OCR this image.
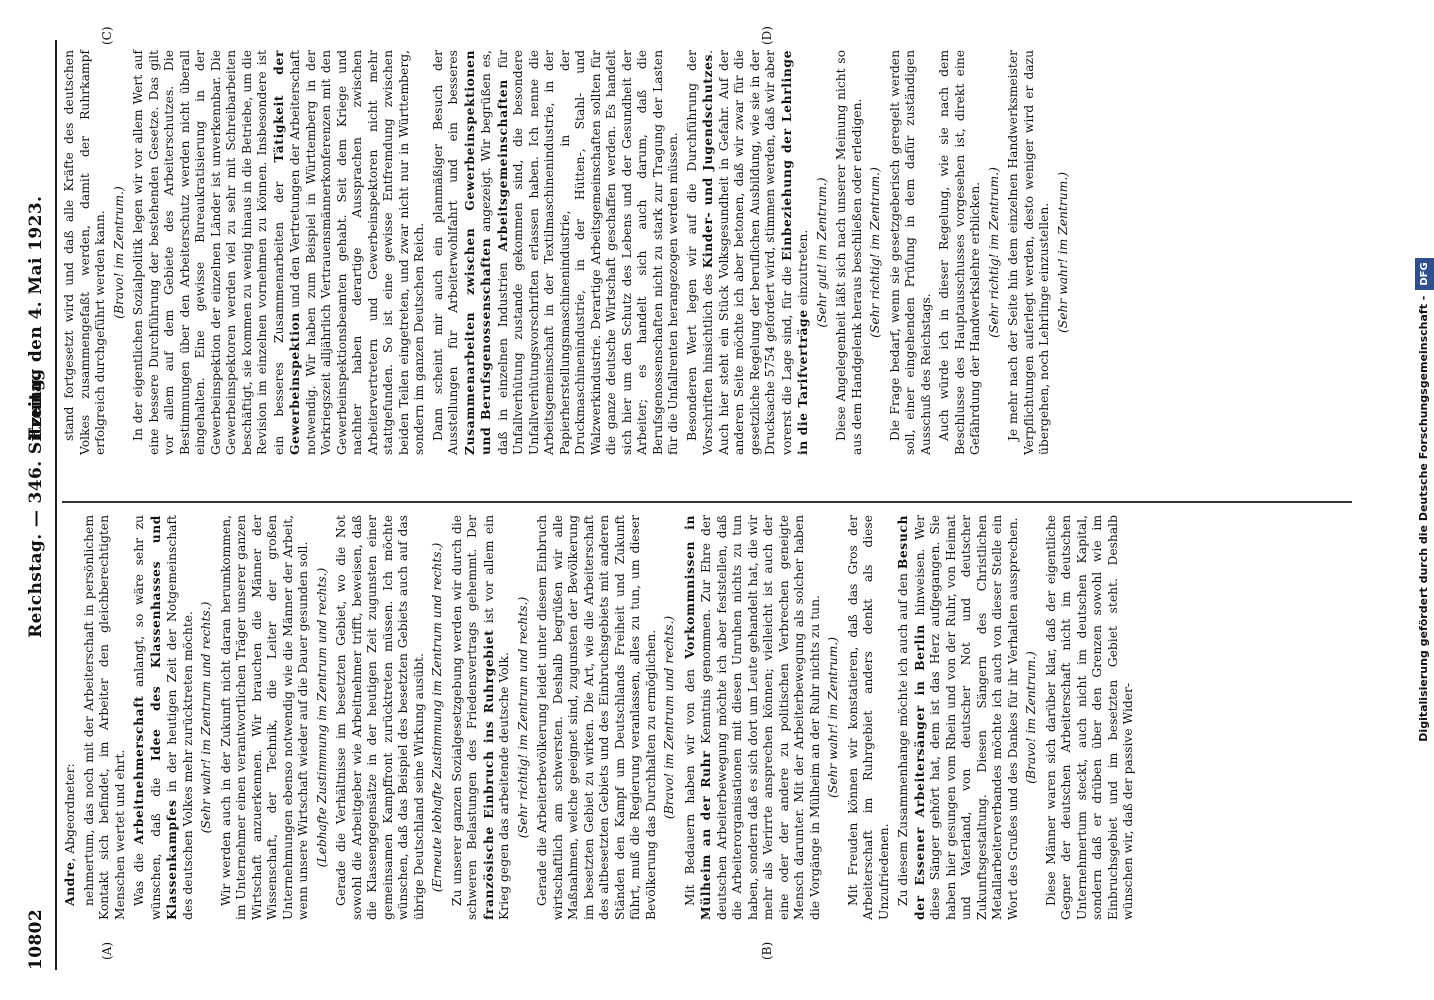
10802
Reichstag. — 346. Sitzung.
Freitag den 4. Mai 1923.
(A)	(B)
(C)	(D)

Andre, Abgeordneter: nehmertum, das noch mit der Arbeiterschaft in persönlichem Kontakt sich befindet, im Arbeiter den gleichberechtigten Menschen wertet und ehrt. Was die Arbeitnehmerschaft anlangt, so wäre sehr zu wünschen, daß die Idee des Klassenhasses und Klassenkampfes in der heutigen Zeit der Notgemeinschaft des deutschen Volkes mehr zurücktreten möchte. (Sehr wahr! im Zentrum und rechts.) Wir werden auch in der Zukunft nicht daran herumkommen, im Unternehmer einen verantwortlichen Träger unserer ganzen Wirtschaft anzuerkennen. Wir brauchen die Männer der Wissenschaft, der Technik, die Leiter der großen Unternehmungen ebenso notwendig wie die Männer der Arbeit, wenn unsere Wirtschaft wieder auf die Dauer gesunden soll. (Lebhafte Zustimmung im Zentrum und rechts.) Gerade die Verhältnisse im besetzten Gebiet, wo die Not sowohl die Arbeitgeber wie Arbeitnehmer trifft, beweisen, daß die Klassengegensätze in der heutigen Zeit zugunsten einer gemeinsamen Kampffront zurücktreten müssen. Ich möchte wünschen, daß das Beispiel des besetzten Gebiets auch auf das übrige Deutschland seine Wirkung ausübt. (Erneute lebhafte Zustimmung im Zentrum und rechts.) Zu unserer ganzen Sozialgesetzgebung werden wir durch die schweren Belastungen des Friedensvertrags gehemmt. Der französische Einbruch ins Ruhrgebiet ist vor allem ein Krieg gegen das arbeitende deutsche Volk. (Sehr richtig! im Zentrum und rechts.) Gerade die Arbeiterbevölkerung leidet unter diesem Einbruch wirtschaftlich am schwersten. Deshalb begrüßen wir alle Maßnahmen, welche geeignet sind, zugunsten der Bevölkerung im besetzten Gebiet zu wirken. Die Art, wie die Arbeiterschaft des altbesetzten Gebiets und des Einbruchsgebiets mit anderen Ständen den Kampf um Deutschlands Freiheit und Zukunft führt, muß die Regierung veranlassen, alles zu tun, um dieser Bevölkerung das Durchhalten zu ermöglichen. (Bravo! im Zentrum und rechts.) Mit Bedauern haben wir von den Vorkommnissen in Mülheim an der Ruhr Kenntnis genommen. Zur Ehre der deutschen Arbeiterbewegung möchte ich aber feststellen, daß die Arbeiterorganisationen mit diesen Unruhen nichts zu tun haben, sondern daß es sich dort um Leute gehandelt hat, die wir mehr als Verirrte ansprechen können; vielleicht ist auch der eine oder der andere zu politischen Verbrechen geneigte Mensch darunter. Mit der Arbeiterbewegung als solcher haben die Vorgänge in Mülheim an der Ruhr nichts zu tun. (Sehr wahr! im Zentrum.) Mit Freuden können wir konstatieren, daß das Gros der Arbeiterschaft im Ruhrgebiet anders denkt als diese Unzufriedenen. Zu diesem Zusammenhange möchte ich auch auf den Besuch der Essener Arbeitersänger in Berlin hinweisen. Wer diese Sänger gehört hat, dem ist das Herz aufgegangen. Sie haben hier gesungen vom Rhein und von der Ruhr, von Heimat und Vaterland, von deutscher Not und deutscher Zukunftsgestaltung. Diesen Sängern des Christlichen Metallarbeiterverbandes möchte ich auch von dieser Stelle ein Wort des Grußes und des Dankes für ihr Verhalten aussprechen. (Bravo! im Zentrum.) Diese Männer waren sich darüber klar, daß der eigentliche Gegner der deutschen Arbeiterschaft nicht im deutschen Unternehmertum steckt, auch nicht im deutschen Kapital, sondern daß er drüben über den Grenzen sowohl wie im Einbruchsgebiet und im besetzten Gebiet steht. Deshalb wünschen wir, daß der passive Wider-

stand fortgesetzt wird und daß alle Kräfte des deutschen Volkes zusammengefaßt werden, damit der Ruhrkampf erfolgreich durchgeführt werden kann. (Bravo! im Zentrum.) In der eigentlichen Sozialpolitik legen wir vor allem Wert auf eine bessere Durchführung der bestehenden Gesetze. Das gilt vor allem auf dem Gebiete des Arbeiterschutzes. Die Bestimmungen über den Arbeiterschutz werden nicht überall eingehalten. Eine gewisse Bureaukratisierung in der Gewerbeinspektion der einzelnen Länder ist unverkennbar. Die Gewerbeinspektoren werden viel zu sehr mit Schreibarbeiten beschäftigt, sie kommen zu wenig hinaus in die Betriebe, um die Revision im einzelnen vornehmen zu können. Insbesondere ist ein besseres Zusammenarbeiten der Tätigkeit der Gewerbeinspektion und den Vertretungen der Arbeiterschaft notwendig. Wir haben zum Beispiel in Württemberg in der Vorkriegszeit alljährlich Vertrauensmännerkonferenzen mit den Gewerbeinspektionsbeamten gehabt. Seit dem Kriege und nachher haben derartige Aussprachen zwischen Arbeitervertretern und Gewerbeinspektoren nicht mehr stattgefunden. So ist eine gewisse Entfremdung zwischen beiden Teilen eingetreten, und zwar nicht nur in Württemberg, sondern im ganzen Deutschen Reich. Dann scheint mir auch ein planmäßiger Besuch der Ausstellungen für Arbeiterwohlfahrt und ein besseres Zusammenarbeiten zwischen Gewerbeinspektionen und Berufsgenossenschaften angezeigt. Wir begrüßen es, daß in einzelnen Industrien Arbeitsgemeinschaften für Unfallverhütung zustande gekommen sind, die besondere Unfallverhütungsvorschriften erlassen haben. Ich nenne die Arbeitsgemeinschaft in der Textilmaschinenindustrie, in der Papierherstellungsmaschinenindustrie, in der Druckmaschinenindustrie, in der Hütten-, Stahl- und Walzwerkindustrie. Derartige Arbeitsgemeinschaften sollten für die ganze deutsche Wirtschaft geschaffen werden. Es handelt sich hier um den Schutz des Lebens und der Gesundheit der Arbeiter; es handelt sich auch darum, daß die Berufsgenossenschaften nicht zu stark zur Tragung der Lasten für die Unfallrenten herangezogen werden müssen. Besonderen Wert legen wir auf die Durchführung der Vorschriften hinsichtlich des Kinder- und Jugendschutzes. Auch hier steht ein Stück Volksgesundheit in Gefahr. Auf der anderen Seite möchte ich aber betonen, daß wir zwar für die gesetzliche Regelung der beruflichen Ausbildung, wie sie in der Drucksache 5754 gefordert wird, stimmen werden, daß wir aber vorerst die Lage sind, für die Einbeziehung der Lehrlinge in die Tarifverträge einzutreten. (Sehr gut! im Zentrum.) Diese Angelegenheit läßt sich nach unserer Meinung nicht so aus dem Handgelenk heraus beschließen oder erledigen. (Sehr richtig! im Zentrum.) Die Frage bedarf, wenn sie gesetzgeberisch geregelt werden soll, einer eingehenden Prüfung in dem dafür zuständigen Ausschuß des Reichstags. Auch würde ich in dieser Regelung, wie sie nach dem Beschlusse des Hauptausschusses vorgesehen ist, direkt eine Gefährdung der Handwerkslehre erblicken. (Sehr richtig! im Zentrum.) Je mehr nach der Seite hin dem einzelnen Handwerksmeister Verpflichtungen auferlegt werden, desto weniger wird er dazu übergehen, noch Lehrlinge einzustellen. (Sehr wahr! im Zentrum.)

Digitalisierung gefördert durch die Deutsche Forschungsgemeinschaft -DFG
